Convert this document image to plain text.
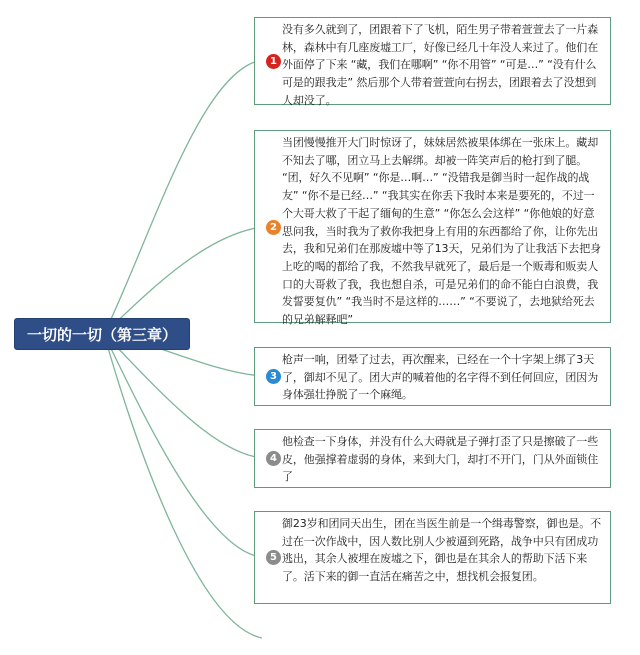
一切的一切（第三章）
1
没有多久就到了，团跟着下了飞机，陌生男子带着萱萱去了一片森林，森林中有几座废墟工厂，好像已经几十年没人来过了。他们在外面停了下来 “藏，我们在哪啊” “你不用管” “可是…” “没有什么可是的跟我走” 然后那个人带着萱萱向右拐去，团跟着去了没想到人却没了。
2
当团慢慢推开大门时惊讶了，妹妹居然被果体绑在一张床上。藏却不知去了哪，团立马上去解绑。却被一阵笑声后的枪打到了腿。 “团，好久不见啊” “你是…啊…” “没错我是御当时一起作战的战友” “你不是已经…” “我其实在你丢下我时本来是要死的，不过一个大哥大救了干起了缅甸的生意” “你怎么会这样” “你他娘的好意思问我，当时我为了救你我把身上有用的东西都给了你，让你先出去，我和兄弟们在那废墟中等了13天，兄弟们为了让我活下去把身上吃的喝的都给了我，不然我早就死了，最后是一个贩毒和贩卖人口的大哥救了我，我也想自杀，可是兄弟们的命不能白白浪费，我发誓要复仇” “我当时不是这样的……” “不要说了，去地狱给死去的兄弟解释吧”
3
枪声一响，团晕了过去，再次醒来，已经在一个十字架上绑了3天了，御却不见了。团大声的喊着他的名字得不到任何回应，团因为身体强壮挣脱了一个麻绳。
4
他检查一下身体，并没有什么大碍就是子弹打歪了只是擦破了一些皮，他强撑着虚弱的身体，来到大门，却打不开门，门从外面锁住了
5
御23岁和团同天出生，团在当医生前是一个缉毒警察，御也是。不过在一次作战中，因人数比别人少被逼到死路，战争中只有团成功逃出，其余人被埋在废墟之下，御也是在其余人的帮助下活下来了。活下来的御一直活在痛苦之中，想找机会报复团。
